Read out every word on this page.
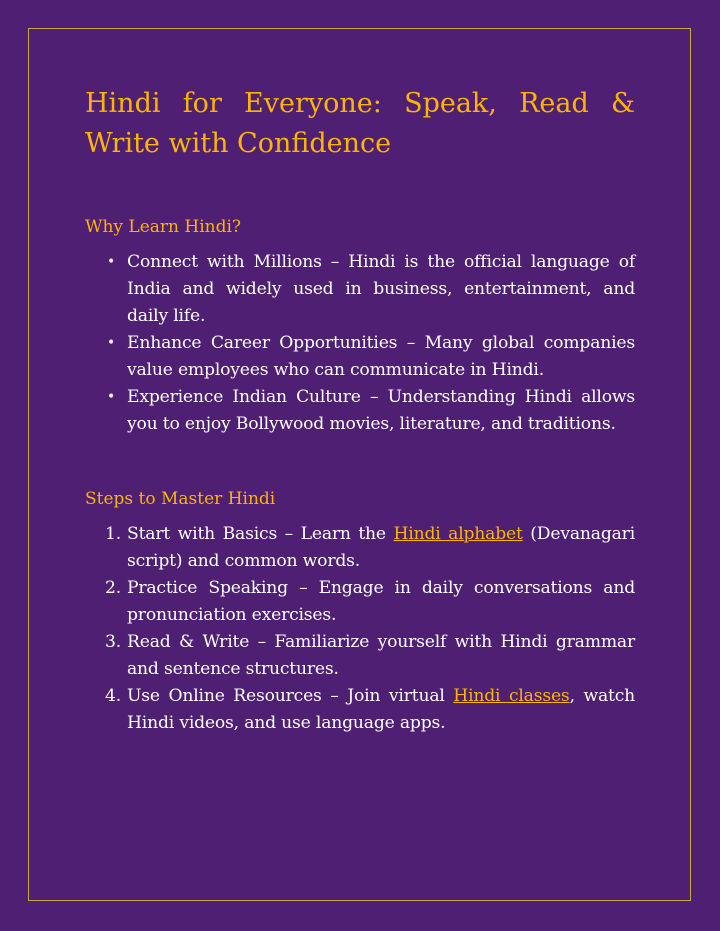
Hindi for Everyone: Speak, Read &
Write with Confidence
Why Learn Hindi?
• Connect with Millions – Hindi is the official language of India and widely used in business, entertainment, and daily life.
• Enhance Career Opportunities – Many global companies value employees who can communicate in Hindi.
• Experience Indian Culture – Understanding Hindi allows you to enjoy Bollywood movies, literature, and traditions.
Steps to Master Hindi
1. Start with Basics – Learn the Hindi alphabet (Devanagari script) and common words.
2. Practice Speaking – Engage in daily conversations and pronunciation exercises.
3. Read & Write – Familiarize yourself with Hindi grammar and sentence structures.
4. Use Online Resources – Join virtual Hindi classes, watch Hindi videos, and use language apps.
